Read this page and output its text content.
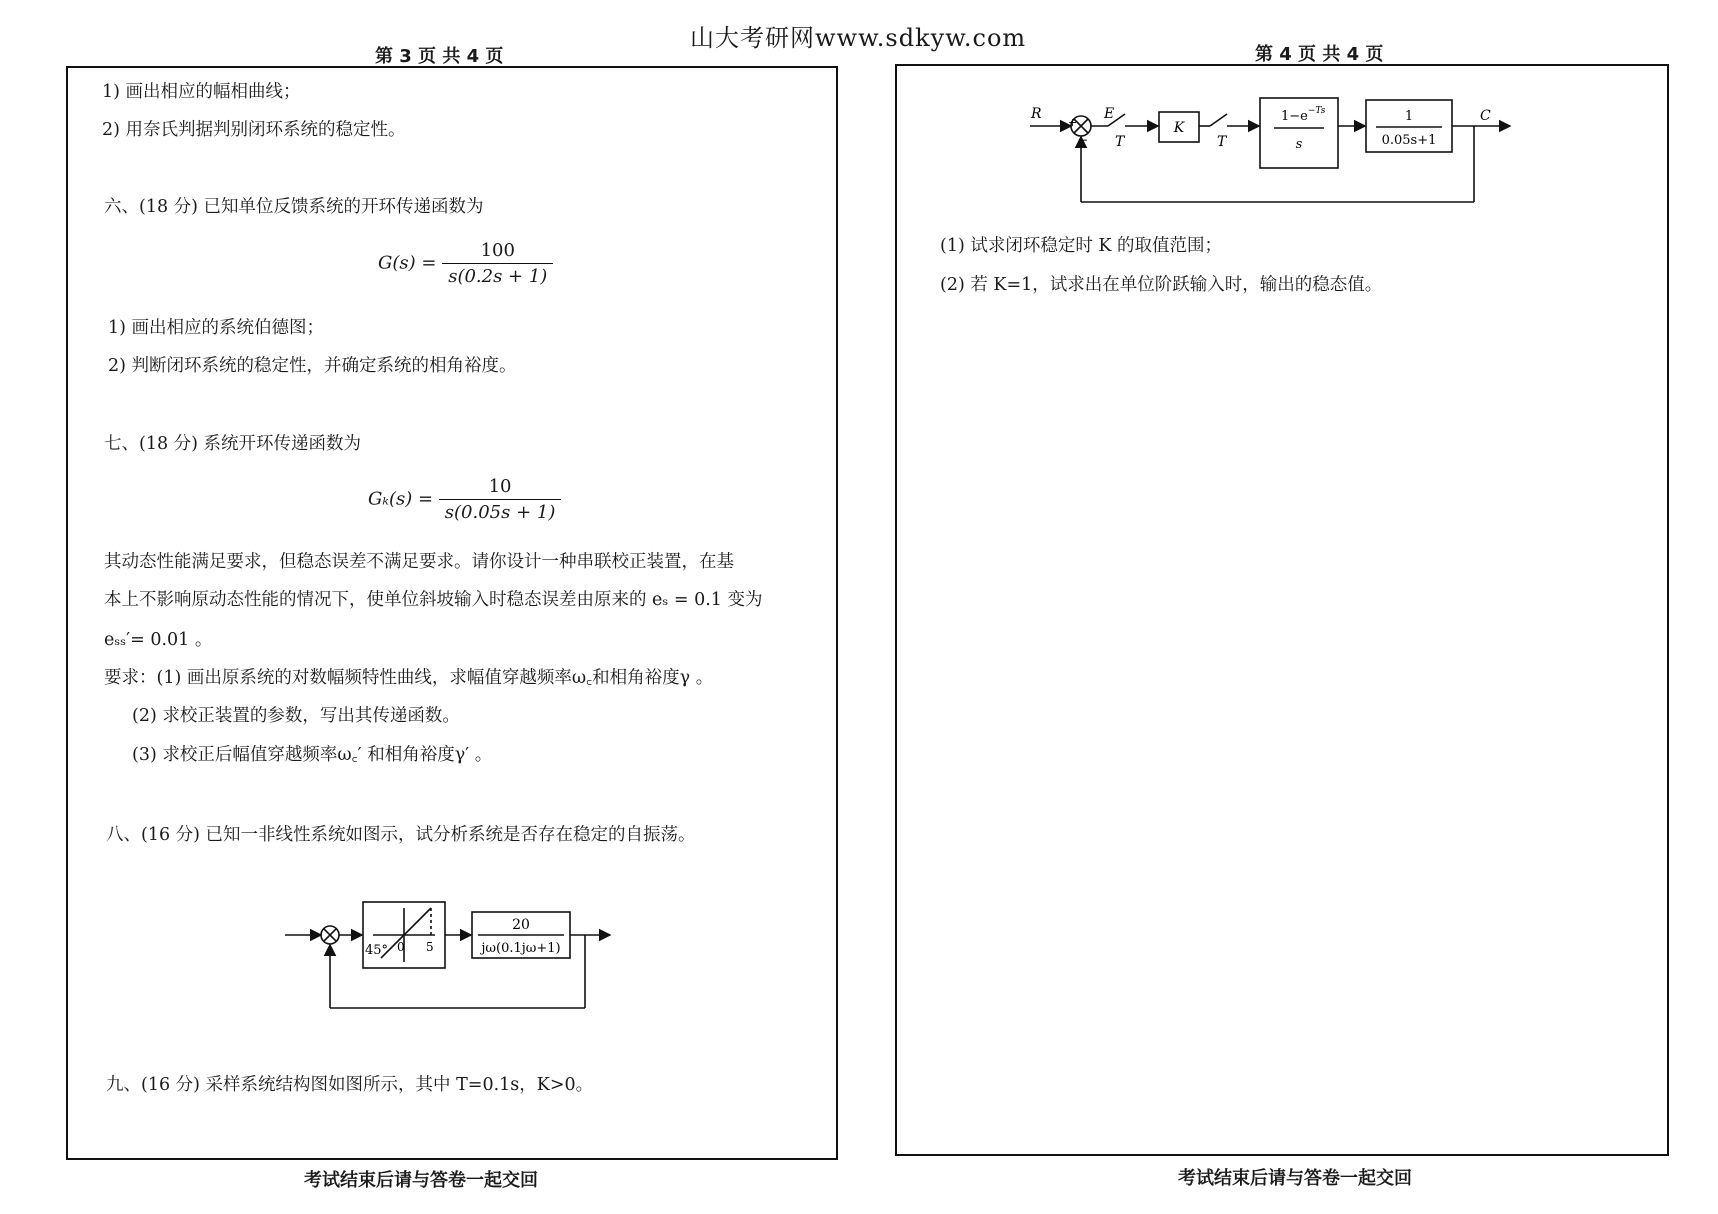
山大考研网www.sdkyw.com
第 3 页 共 4 页	第 4 页 共 4 页
1) 画出相应的幅相曲线；
2) 用奈氏判据判别闭环系统的稳定性。
六、(18 分) 已知单位反馈系统的开环传递函数为
$G(s) = \frac{100}{s(0.2s + 1)}$
1) 画出相应的系统伯德图；
2) 判断闭环系统的稳定性，并确定系统的相角裕度。
七、(18 分) 系统开环传递函数为
$G_k(s) = \frac{10}{s(0.05s + 1)}$
其动态性能满足要求，但稳态误差不满足要求。请你设计一种串联校正装置，在基
本上不影响原动态性能的情况下，使单位斜坡输入时稳态误差由原来的 eₛ = 0.1 变为
eₛₛ′= 0.01 。
要求：(1) 画出原系统的对数幅频特性曲线，求幅值穿越频率ω꜀和相角裕度γ 。
(2) 求校正装置的参数，写出其传递函数。
(3) 求校正后幅值穿越频率ω꜀′ 和相角裕度γ′ 。
八、(16 分) 已知一非线性系统如图示，试分析系统是否存在稳定的自振荡。
45° 0 5
20
jω(0.1jω+1)
九、(16 分) 采样系统结构图如图所示，其中 T=0.1s，K>0。
考试结束后请与答卷一起交回
R
+
−
E
T
K
T
$1-e^{-Ts}$
s
1
0.05s+1
C
(1) 试求闭环稳定时 K 的取值范围；
(2) 若 K=1，试求出在单位阶跃输入时，输出的稳态值。
考试结束后请与答卷一起交回
